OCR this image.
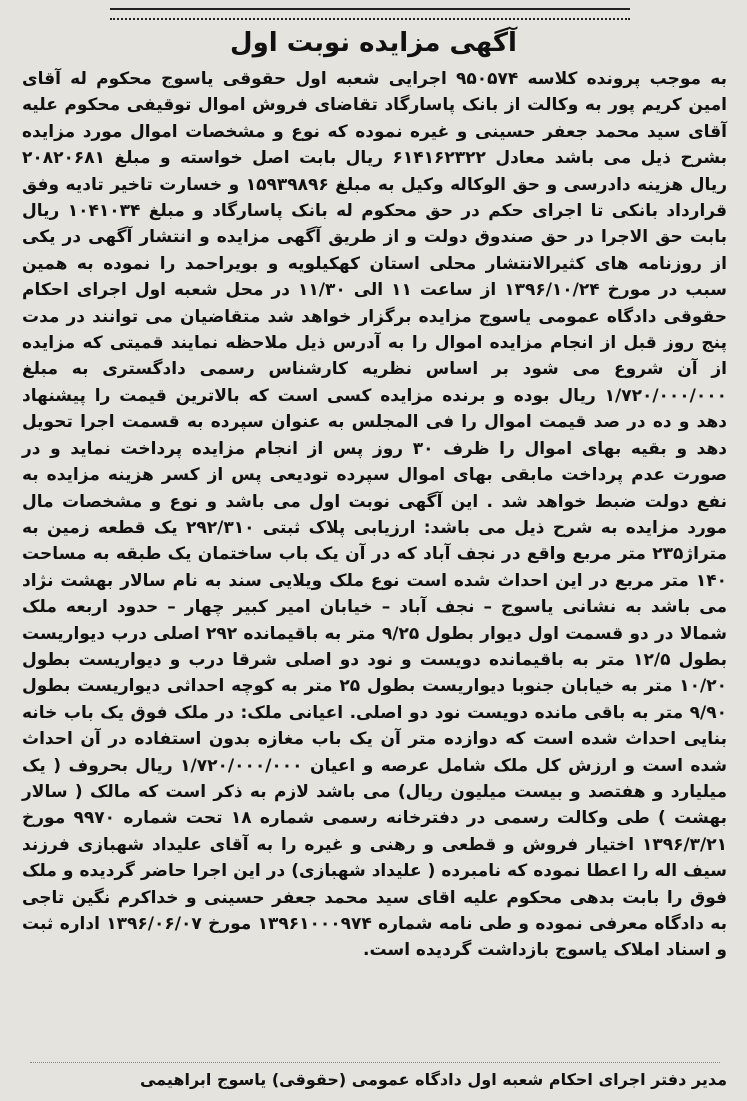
آگهی مزایده نوبت اول

به موجب پرونده کلاسه ۹۵۰۵۷۴ اجرایی شعبه اول حقوقی یاسوج محکوم له آقای امین کریم پور به وکالت از بانک پاسارگاد تقاضای فروش اموال توقیفی محکوم علیه آقای سید محمد جعفر حسینی و غیره نموده که نوع و مشخصات اموال مورد مزایده بشرح ذیل می باشد معادل ۶۱۴۱۶۲۳۲۲ ریال بابت اصل خواسته و مبلغ ۲۰۸۲۰۶۸۱ ریال هزینه دادرسی و حق الوکاله وکیل به مبلغ ۱۵۹۳۹۸۹۶ و خسارت تاخیر تادیه وفق قرارداد بانکی تا اجرای حکم در حق محکوم له بانک پاسارگاد و مبلغ ۱۰۴۱۰۳۴ ریال بابت حق الاجرا در حق صندوق دولت و از طریق آگهی مزایده و انتشار آگهی در یکی از روزنامه های کثیرالانتشار محلی استان کهکیلویه و بویراحمد را نموده به همین سبب در مورخ ۱۳۹۶/۱۰/۲۴ از ساعت ۱۱ الی ۱۱/۳۰ در محل شعبه اول اجرای احکام حقوقی دادگاه عمومی یاسوج مزایده برگزار خواهد شد متقاضیان می توانند در مدت پنج روز قبل از انجام مزایده اموال را به آدرس ذیل ملاحظه نمایند قمیتی که مزایده از آن شروع می شود بر اساس نظریه کارشناس رسمی دادگستری به مبلغ ۱/۷۲۰/۰۰۰/۰۰۰ ریال بوده و برنده مزایده کسی است که بالاترین قیمت را پیشنهاد دهد و ده در صد قیمت اموال را فی المجلس به عنوان سپرده به قسمت اجرا تحویل دهد و بقیه بهای اموال را ظرف ۳۰ روز پس از انجام مزایده پرداخت نماید و در صورت عدم پرداخت مابقی بهای اموال سپرده تودیعی پس از کسر هزینه مزایده به نفع دولت ضبط خواهد شد . این آگهی نوبت اول می باشد و نوع و مشخصات مال مورد مزایده به شرح ذیل می باشد: ارزیابی پلاک ثبتی ۲۹۲/۳۱۰ یک قطعه زمین به متراژ۲۳۵ متر مربع واقع در نجف آباد که در آن یک باب ساختمان یک طبقه به مساحت ۱۴۰ متر مربع در این احداث شده است نوع ملک ویلایی سند به نام سالار بهشت نژاد می باشد به نشانی یاسوج – نجف آباد – خیابان امیر کبیر چهار – حدود اربعه ملک شمالا در دو قسمت اول دیوار بطول ۹/۲۵ متر به باقیمانده ۲۹۲ اصلی درب دیواریست بطول ۱۲/۵ متر به باقیمانده دویست و نود دو اصلی شرقا درب و دیواریست بطول ۱۰/۲۰ متر به خیابان جنوبا دیواریست بطول ۲۵ متر به کوچه احداثی دیواریست بطول ۹/۹۰ متر به باقی مانده دویست نود دو اصلی. اعیانی ملک: در ملک فوق یک باب خانه بنایی احداث شده است که دوازده متر آن یک باب مغازه بدون استفاده در آن احداث شده است و ارزش کل ملک شامل عرصه و اعیان ۱/۷۲۰/۰۰۰/۰۰۰ ریال بحروف ( یک میلیارد و هفتصد و بیست میلیون ریال) می باشد لازم به ذکر است که مالک ( سالار بهشت ) طی وکالت رسمی در دفترخانه رسمی شماره ۱۸ تحت شماره ۹۹۷۰ مورخ ۱۳۹۶/۳/۲۱ اختیار فروش و قطعی و رهنی و غیره را به آقای علیداد شهبازی فرزند سیف اله را اعطا نموده که نامبرده ( علیداد شهبازی) در این اجرا حاضر گردیده و ملک فوق را بابت بدهی محکوم علیه اقای سید محمد جعفر حسینی و خداکرم نگین تاجی به دادگاه معرفی نموده و طی نامه شماره ۱۳۹۶۱۰۰۰۹۷۴ مورخ ۱۳۹۶/۰۶/۰۷ اداره ثبت و اسناد املاک یاسوج بازداشت گردیده است.

مدیر دفتر اجرای احکام شعبه اول دادگاه عمومی (حقوقی) یاسوج ابراهیمی
